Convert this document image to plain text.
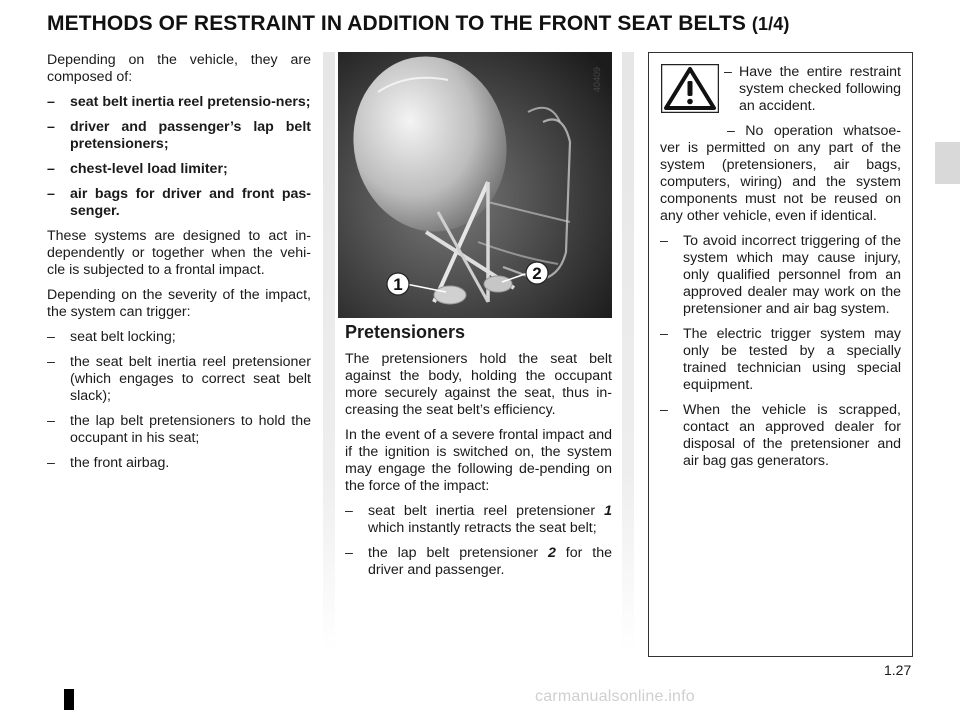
METHODS OF RESTRAINT IN ADDITION TO THE FRONT SEAT BELTS (1/4)

Depending on the vehicle, they are composed of:

– seat belt inertia reel pretensio-ners;
– driver and passenger’s lap belt pretensioners;
– chest-level load limiter;
– air bags for driver and front pas-senger.

These systems are designed to act in-dependently or together when the vehi-cle is subjected to a frontal impact.

Depending on the severity of the impact, the system can trigger:

– seat belt locking;
– the seat belt inertia reel pretensioner (which engages to correct seat belt slack);
– the lap belt pretensioners to hold the occupant in his seat;
– the front airbag.
1
2
40409
Pretensioners

The pretensioners hold the seat belt against the body, holding the occupant more securely against the seat, thus in-creasing the seat belt’s efficiency.

In the event of a severe frontal impact and if the ignition is switched on, the system may engage the following de-pending on the force of the impact:

– seat belt inertia reel pretensioner 1 which instantly retracts the seat belt;
– the lap belt pretensioner 2 for the driver and passenger.
– Have the entire restraint system checked following an accident.
– No operation whatsoe-ver is permitted on any part of the system (pretensioners, air bags, computers, wiring) and the system components must not be reused on any other vehicle, even if identical.
– To avoid incorrect triggering of the system which may cause injury, only qualified personnel from an approved dealer may work on the pretensioner and air bag system.
– The electric trigger system may only be tested by a specially trained technician using special equipment.
– When the vehicle is scrapped, contact an approved dealer for disposal of the pretensioner and air bag gas generators.
1.27
carmanualsonline.info
